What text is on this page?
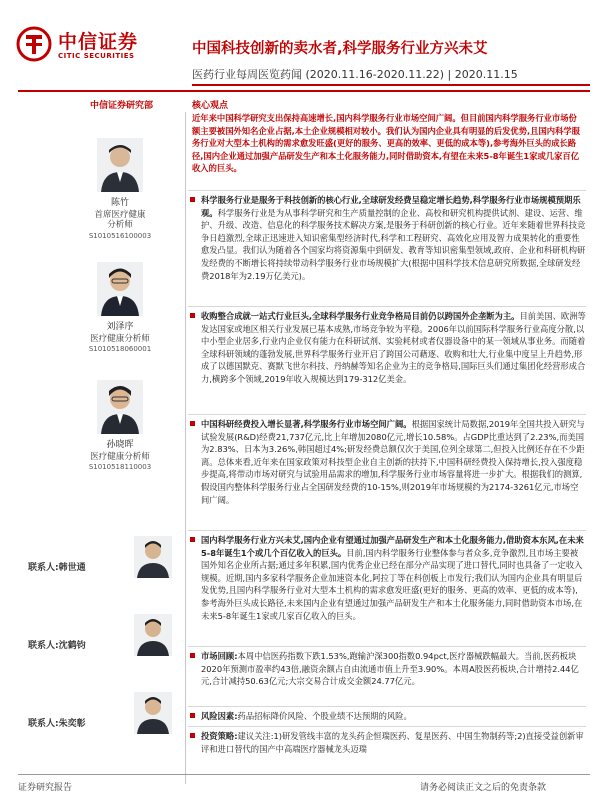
中信证券
CITIC SECURITIES	中国科技创新的卖水者,科学服务行业方兴未艾
医药行业每周医览药闻 (2020.11.16-2020.11.22) | 2020.11.15
中信证券研究部	核心观点
陈竹
首席医疗健康
分析师
S1010516100003
刘泽序
医疗健康分析师
S1010518060001
孙晓晖
医疗健康分析师
S1010518110003
联系人:韩世通
联系人:沈鹤钧
联系人:朱奕彰
近年来中国科学研究支出保持高速增长,国内科学服务行业市场空间广阔。但目前国内科学服务行业市场份额主要被国外知名企业占据,本土企业规模相对较小。我们认为国内企业具有明显的后发优势,且国内科学服务行业对大型本土机构的需求愈发旺盛(更好的服务、更高的效率、更低的成本等),参考海外巨头的成长路径,国内企业通过加强产品研发生产和本土化服务能力,同时借助资本,有望在未来5-8年诞生1家或几家百亿收入的巨头。
科学服务行业是服务于科技创新的核心行业,全球研发经费呈稳定增长趋势,科学服务行业市场规模预期乐观。科学服务行业是为从事科学研究和生产质量控制的企业、高校和研究机构提供试剂、建设、运营、维护、升级、改造、信息化的科学服务技术解决方案,是服务于科研创新的核心行业。近年来随着世界科技竞争日趋激烈,全球正迅速进入知识密集型经济时代,科学和工程研究、高效化应用及智力成果转化的重要性愈发凸显。我们认为随着各个国家均将资源集中到研发、教育等知识密集型领域,政府、企业和科研机构研发经费的不断增长将持续带动科学服务行业市场规模扩大(根据中国科学技术信息研究所数据,全球研发经费2018年为2.19万亿美元)。
收购整合成就一站式行业巨头,全球科学服务行业竞争格局目前仍以跨国外企垄断为主。目前美国、欧洲等发达国家或地区相关行业发展已基本成熟,市场竞争较为平稳。2006年以前国际科学服务行业高度分散,以中小型企业居多,行业内企业仅有能力在科研试剂、实验耗材或者仪器设备中的某一领域从事业务。而随着全球科研领域的蓬勃发展,世界科学服务行业开启了跨国公司藉逐、收购和壮大,行业集中度呈上升趋势,形成了以德国默克、赛默飞世尔科技、丹纳赫等知名企业为主的竞争格局,国际巨头们通过集团化经营形成合力,横跨多个领域,2019年收入规模达到179-312亿美金。
中国科研经费投入增长显著,科学服务行业市场空间广阔。根据国家统计局数据,2019年全国共投入研究与试验发展(R&D)经费21,737亿元,比上年增加2080亿元,增长10.58%。占GDP比重达到了2.23%,而美国为2.83%、日本为3.26%,韩国超过4%;研发经费总额仅次于美国,位列全球第二,但投入比例还存在不少距离。总体来看,近年来在国家政策对科技型企业自主创新的扶持下,中国科研经费投入保持增长,投入强度稳步提高,将带动市场对研究与试验用品需求的增加,科学服务行业市场容量将进一步扩大。根据我们的测算,假设国内整体科学服务行业占全国研发经费的10-15%,则2019年市场规模约为2174-3261亿元,市场空间广阔。
国内科学服务行业方兴未艾,国内企业有望通过加强产品研发生产和本土化服务能力,借助资本东风,在未来5-8年诞生1个或几个百亿收入的巨头。目前,国内科学服务行业整体参与者众多,竞争激烈,且市场主要被国外知名企业所占据;通过多年积累,国内优秀企业已经在部分产品实现了进口替代,同时也具备了一定收入规模。近期,国内多家科学服务企业加速资本化,阿拉丁等在科创板上市发行;我们认为国内企业具有明显后发优势,且国内科学服务行业对大型本土机构的需求愈发旺盛(更好的服务、更高的效率、更低的成本等),参考海外巨头成长路径,未来国内企业有望通过加强产品研发生产和本土化服务能力,同时借助资本市场,在未来5-8年诞生1家或几家百亿收入的巨头。
市场回顾:本周中信医药指数下跌1.53%,跑输沪深300指数0.94pct,医疗器械跌幅最大。当前,医药板块2020年预测市盈率约43倍,融资余额占自由流通市值上升至3.90%。本周A股医药板块,合计增持2.44亿元,合计减持50.63亿元;大宗交易合计成交金额24.77亿元。
风险因素:药品招标降价风险、个股业绩不达预期的风险。
投资策略:建议关注:1)研发管线丰富的龙头药企恒瑞医药、复星医药、中国生物制药等;2)直接受益创新审评和进口替代的国产中高端医疗器械龙头迈瑞
证券研究报告	请务必阅读正文之后的免责条款
